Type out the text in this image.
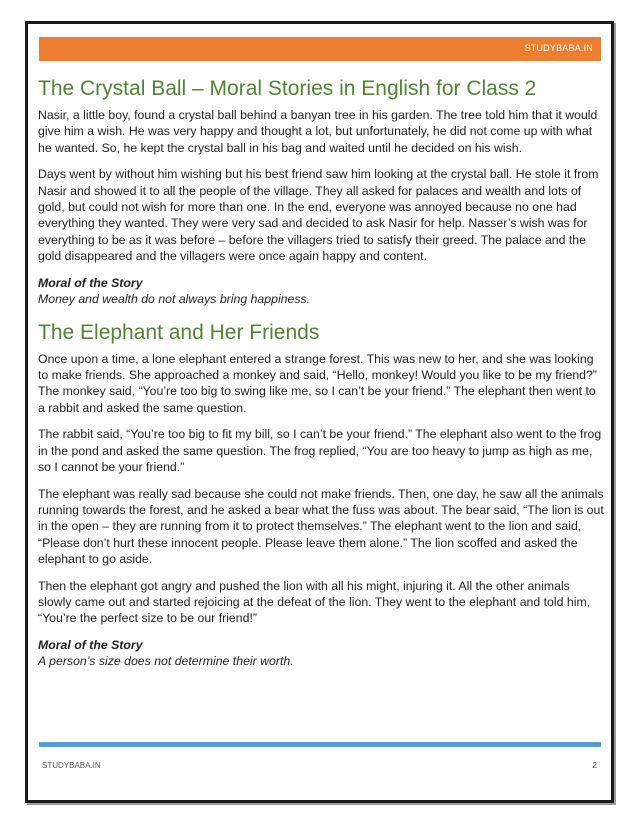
STUDYBABA.IN
The Crystal Ball – Moral Stories in English for Class 2

Nasir, a little boy, found a crystal ball behind a banyan tree in his garden. The tree told him that it would give him a wish. He was very happy and thought a lot, but unfortunately, he did not come up with what he wanted. So, he kept the crystal ball in his bag and waited until he decided on his wish.

Days went by without him wishing but his best friend saw him looking at the crystal ball. He stole it from Nasir and showed it to all the people of the village. They all asked for palaces and wealth and lots of gold, but could not wish for more than one. In the end, everyone was annoyed because no one had everything they wanted. They were very sad and decided to ask Nasir for help. Nasser’s wish was for everything to be as it was before – before the villagers tried to satisfy their greed. The palace and the gold disappeared and the villagers were once again happy and content.

Moral of the Story

Money and wealth do not always bring happiness.

The Elephant and Her Friends

Once upon a time, a lone elephant entered a strange forest. This was new to her, and she was looking to make friends. She approached a monkey and said, “Hello, monkey! Would you like to be my friend?” The monkey said, “You’re too big to swing like me, so I can’t be your friend.” The elephant then went to a rabbit and asked the same question.

The rabbit said, “You’re too big to fit my bill, so I can’t be your friend.” The elephant also went to the frog in the pond and asked the same question. The frog replied, “You are too heavy to jump as high as me, so I cannot be your friend.”

The elephant was really sad because she could not make friends. Then, one day, he saw all the animals running towards the forest, and he asked a bear what the fuss was about. The bear said, “The lion is out in the open – they are running from it to protect themselves.” The elephant went to the lion and said, “Please don’t hurt these innocent people. Please leave them alone.” The lion scoffed and asked the elephant to go aside.

Then the elephant got angry and pushed the lion with all his might, injuring it. All the other animals slowly came out and started rejoicing at the defeat of the lion. They went to the elephant and told him, “You’re the perfect size to be our friend!”

Moral of the Story

A person’s size does not determine their worth.

STUDYBABA.IN	2
